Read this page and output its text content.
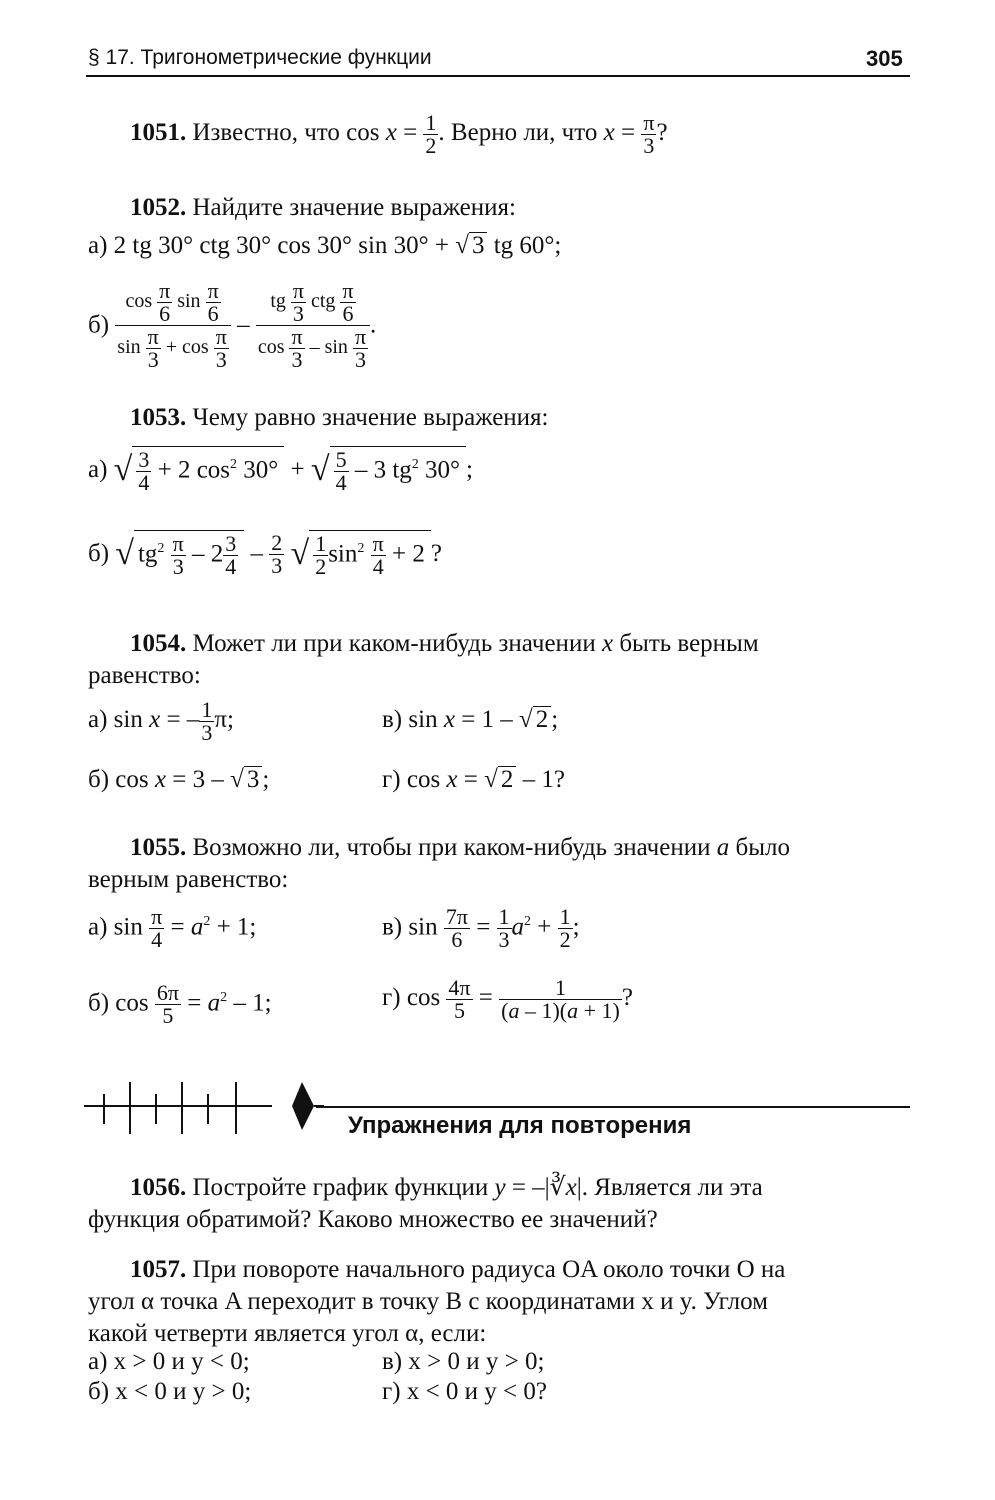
§ 17. Тригонометрические функции	305
1051. Известно, что $\cos x = \frac{1}{2}$ . Верно ли, что $x = \frac{\pi}{3}$ ?
1052. Найдите значение выражения:
а) 2 tg 30° ctg 30° cos 30° sin 30° + √ 3 tg 60°;
$б) \frac{\cos \frac{\pi}{6} \sin \frac{\pi}{6}}{\sin \frac{\pi}{3} + \cos \frac{\pi}{3}} - \frac{tg \frac{\pi}{3} ctg \frac{\pi}{6}}{\cos \frac{\pi}{3} - \sin \frac{\pi}{3}}$ .
1053. Чему равно значение выражения:
а) √ $\frac{3}{4} + 2$ $\cos^2 30^\circ$ + √ $\frac{5}{4} - 3$ $tg^2$ 30° ;
б) √ $tg^2 \frac{\pi}{3} - 2 \frac{3}{4} - \frac{2}{3}$ √ $\frac{1}{2} \sin^2 \frac{\pi}{4} + 2$ ?
1054. Может ли при каком-нибудь значении x быть верным
равенство:
а) sin x = – $\frac{1}{3} \pi$;	в) sin x = 1 – √ 2 ;
б) cos x = 3 – √ 3 ;	г) cos x = √ 2 – 1?
1055. Возможно ли, чтобы при каком-нибудь значении a было
верным равенство:
а) $\sin \frac{\pi}{4} = a^2 + 1$;	в) $\sin \frac{7\pi}{6} = \frac{1}{3} a^2 + \frac{1}{2}$ ;
б) $\cos \frac{6\pi}{5} = a^2 - 1$;	г) $\cos \frac{4\pi}{5} = \frac{1}{(a - 1)(a + 1)}$ ?
Упражнения для повторения
1056. Постройте график функции y = –|∛x|. Является ли эта
функция обратимой? Каково множество ее значений?
1057. При повороте начального радиуса OA около точки O на
угол α точка A переходит в точку B с координатами x и y. Углом
какой четверти является угол α, если:
а) x > 0 и y < 0;	в) x > 0 и y > 0;
б) x < 0 и y > 0;	г) x < 0 и y < 0?
